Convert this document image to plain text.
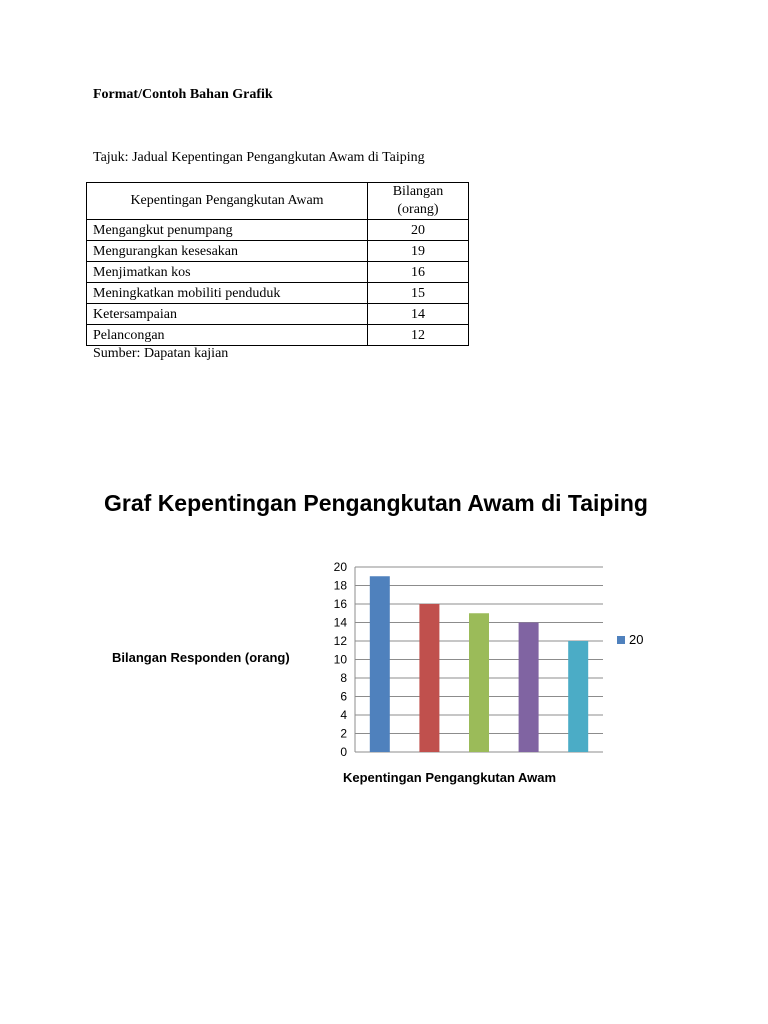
Format/Contoh Bahan Grafik
Tajuk: Jadual Kepentingan Pengangkutan Awam di Taiping
Kepentingan Pengangkutan Awam	Bilangan (orang)
Mengangkut penumpang	20
Mengurangkan kesesakan	19
Menjimatkan kos	16
Meningkatkan mobiliti penduduk	15
Ketersampaian	14
Pelancongan	12
Sumber: Dapatan kajian
Graf Kepentingan Pengangkutan Awam di Taiping
Bilangan Responden (orang)
Kepentingan Pengangkutan Awam
0
2
4
6
8
10
12
14
16
18
20
20
